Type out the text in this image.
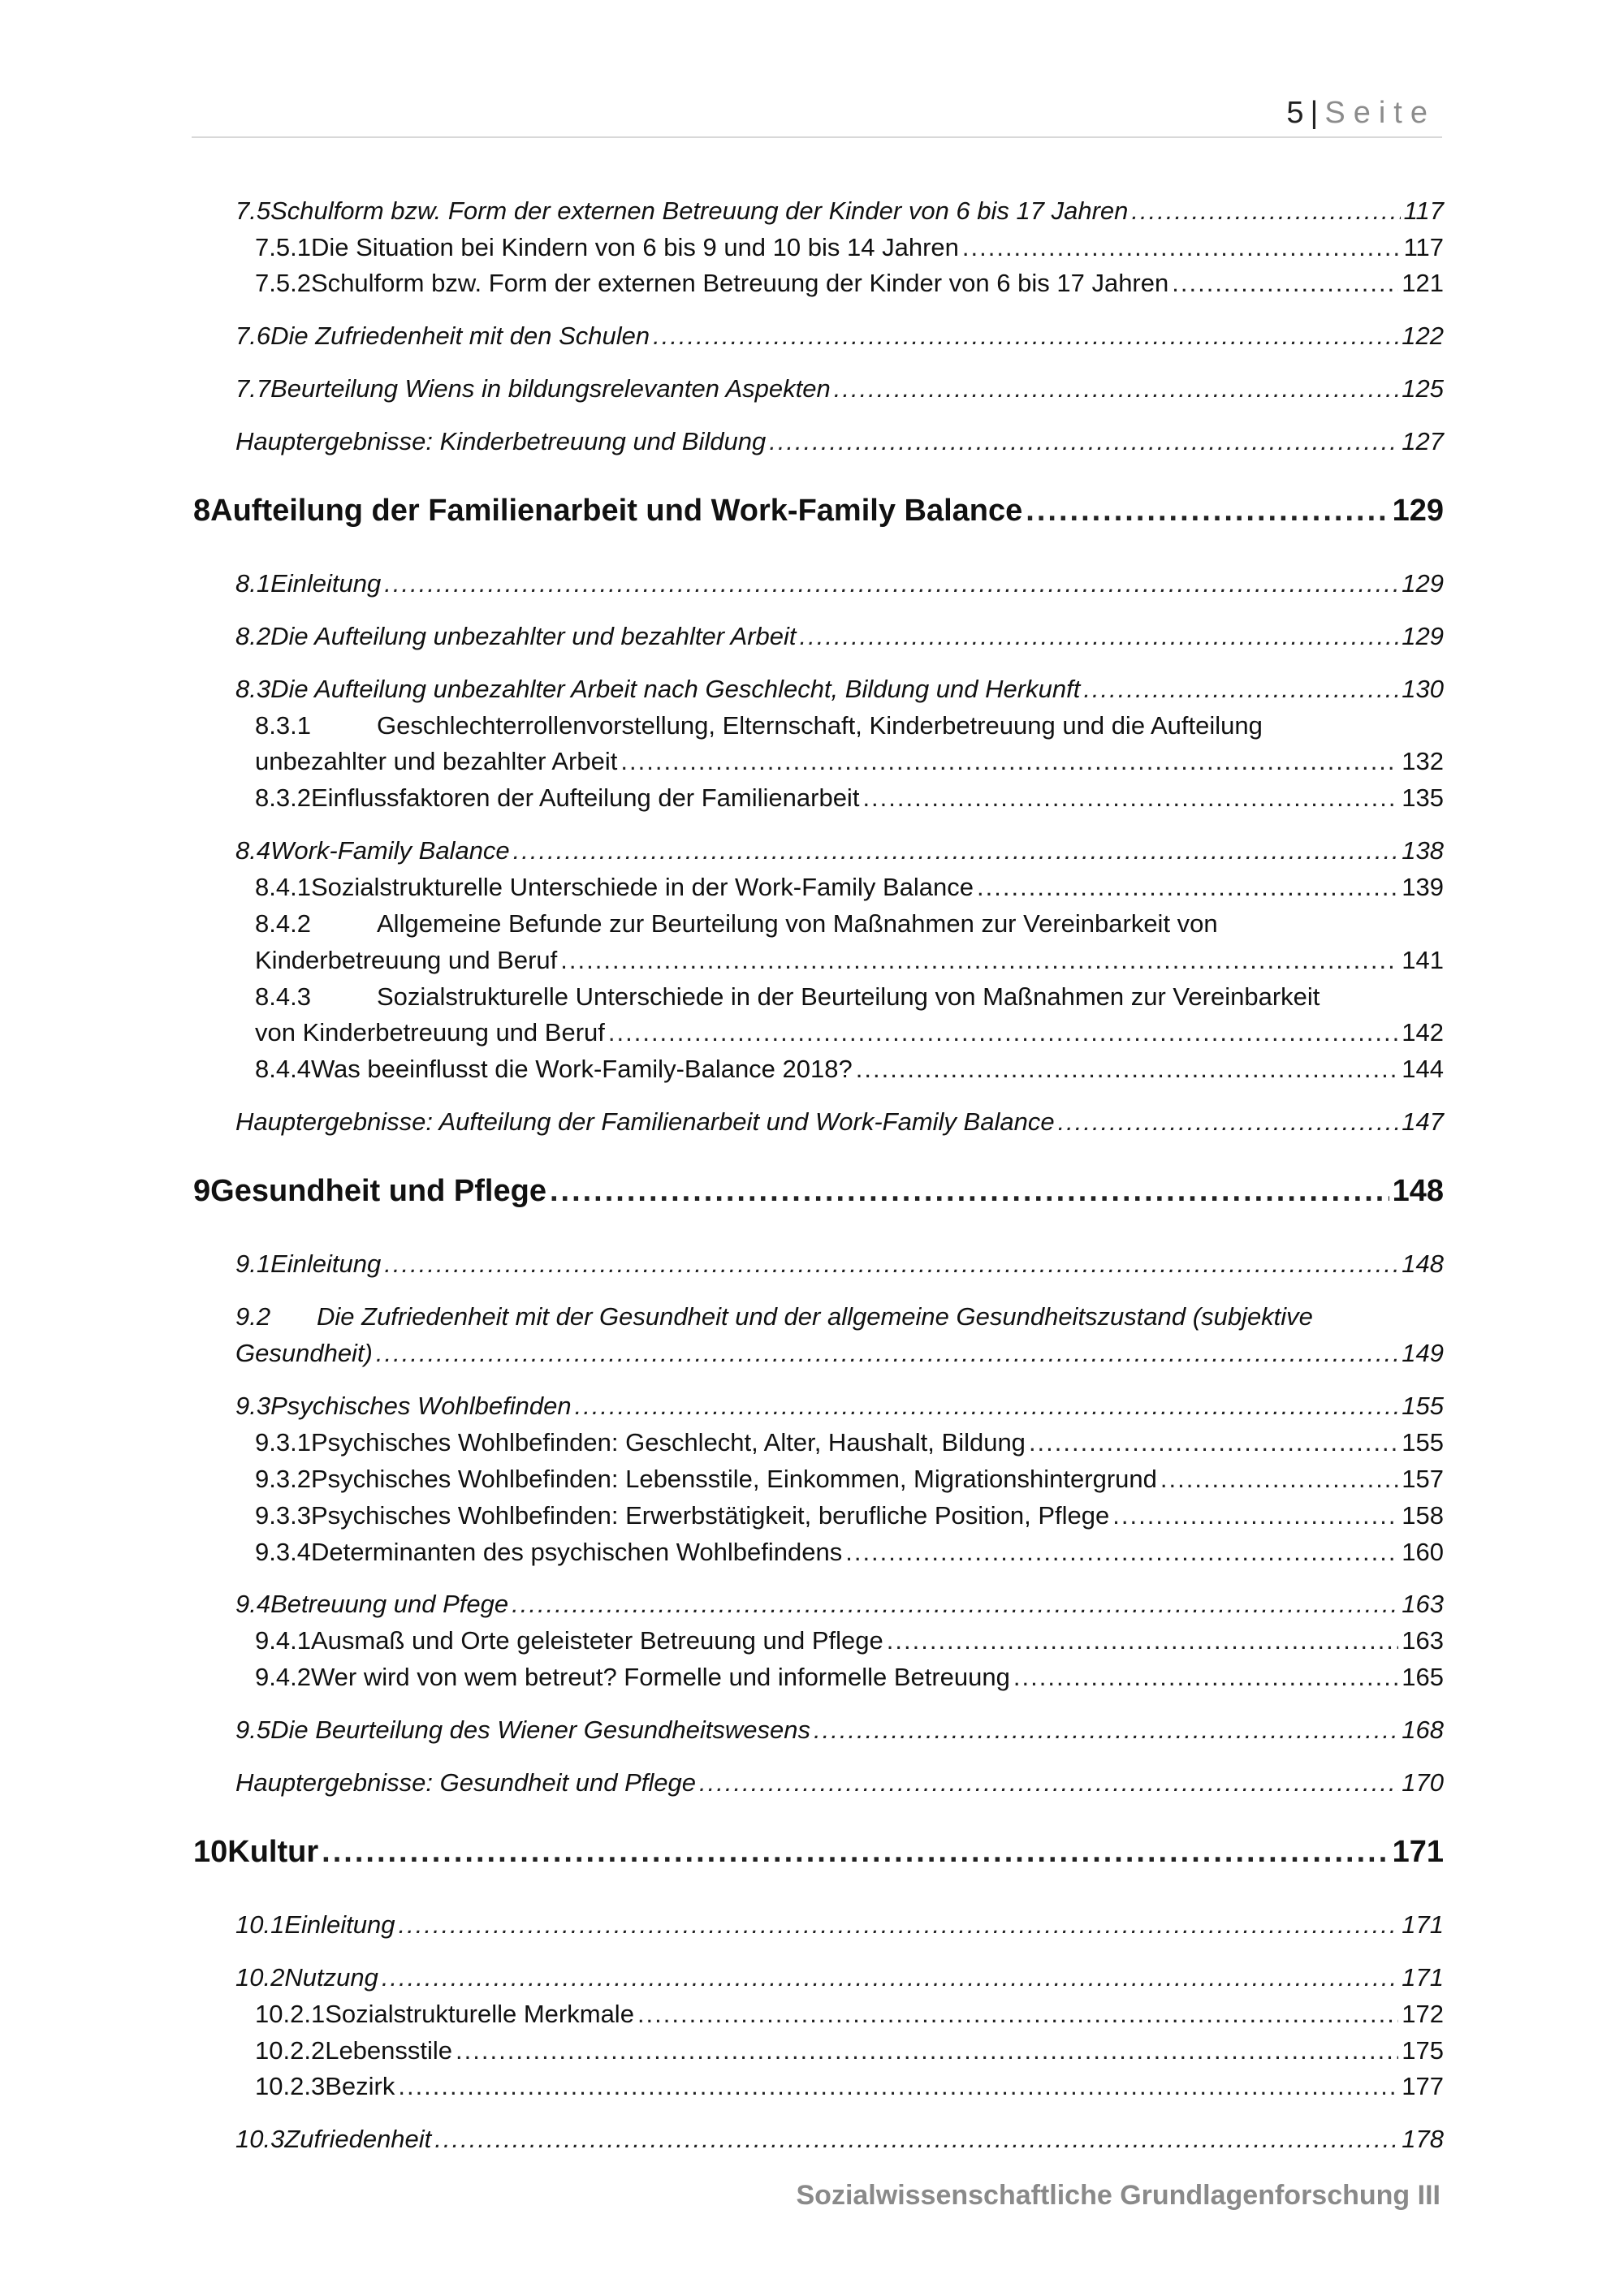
5 | Seite
7.5 Schulform bzw. Form der externen Betreuung der Kinder von 6 bis 17 Jahren .....	117
7.5.1 Die Situation bei Kindern von 6 bis 9 und 10 bis 14 Jahren .....	117
7.5.2 Schulform bzw. Form der externen Betreuung der Kinder von 6 bis 17 Jahren .....	121
7.6 Die Zufriedenheit mit den Schulen .....	122
7.7 Beurteilung Wiens in bildungsrelevanten Aspekten .....	125
Hauptergebnisse: Kinderbetreuung und Bildung .....	127
8 Aufteilung der Familienarbeit und Work-Family Balance .....	129
8.1 Einleitung .....	129
8.2 Die Aufteilung unbezahlter und bezahlter Arbeit .....	129
8.3 Die Aufteilung unbezahlter Arbeit nach Geschlecht, Bildung und Herkunft .....	130
8.3.1	Geschlechterrollenvorstellung, Elternschaft, Kinderbetreuung und die Aufteilung
unbezahlter und bezahlter Arbeit .....	132
8.3.2 Einflussfaktoren der Aufteilung der Familienarbeit .....	135
8.4 Work-Family Balance .....	138
8.4.1 Sozialstrukturelle Unterschiede in der Work-Family Balance .....	139
8.4.2	Allgemeine Befunde zur Beurteilung von Maßnahmen zur Vereinbarkeit von
Kinderbetreuung und Beruf .....	141
8.4.3	Sozialstrukturelle Unterschiede in der Beurteilung von Maßnahmen zur Vereinbarkeit
von Kinderbetreuung und Beruf .....	142
8.4.4 Was beeinflusst die Work-Family-Balance 2018? .....	144
Hauptergebnisse: Aufteilung der Familienarbeit und Work-Family Balance .....	147
9 Gesundheit und Pflege .....	148
9.1 Einleitung .....	148
9.2 Die Zufriedenheit mit der Gesundheit und der allgemeine Gesundheitszustand (subjektive
Gesundheit) .....	149
9.3 Psychisches Wohlbefinden .....	155
9.3.1 Psychisches Wohlbefinden: Geschlecht, Alter, Haushalt, Bildung .....	155
9.3.2 Psychisches Wohlbefinden: Lebensstile, Einkommen, Migrationshintergrund .....	157
9.3.3 Psychisches Wohlbefinden: Erwerbstätigkeit, berufliche Position, Pflege .....	158
9.3.4 Determinanten des psychischen Wohlbefindens .....	160
9.4 Betreuung und Pfege .....	163
9.4.1 Ausmaß und Orte geleisteter Betreuung und Pflege .....	163
9.4.2 Wer wird von wem betreut? Formelle und informelle Betreuung .....	165
9.5 Die Beurteilung des Wiener Gesundheitswesens .....	168
Hauptergebnisse: Gesundheit und Pflege .....	170
10 Kultur .....	171
10.1 Einleitung .....	171
10.2 Nutzung .....	171
10.2.1 Sozialstrukturelle Merkmale .....	172
10.2.2 Lebensstile .....	175
10.2.3 Bezirk .....	177
10.3 Zufriedenheit .....	178
Sozialwissenschaftliche Grundlagenforschung III
